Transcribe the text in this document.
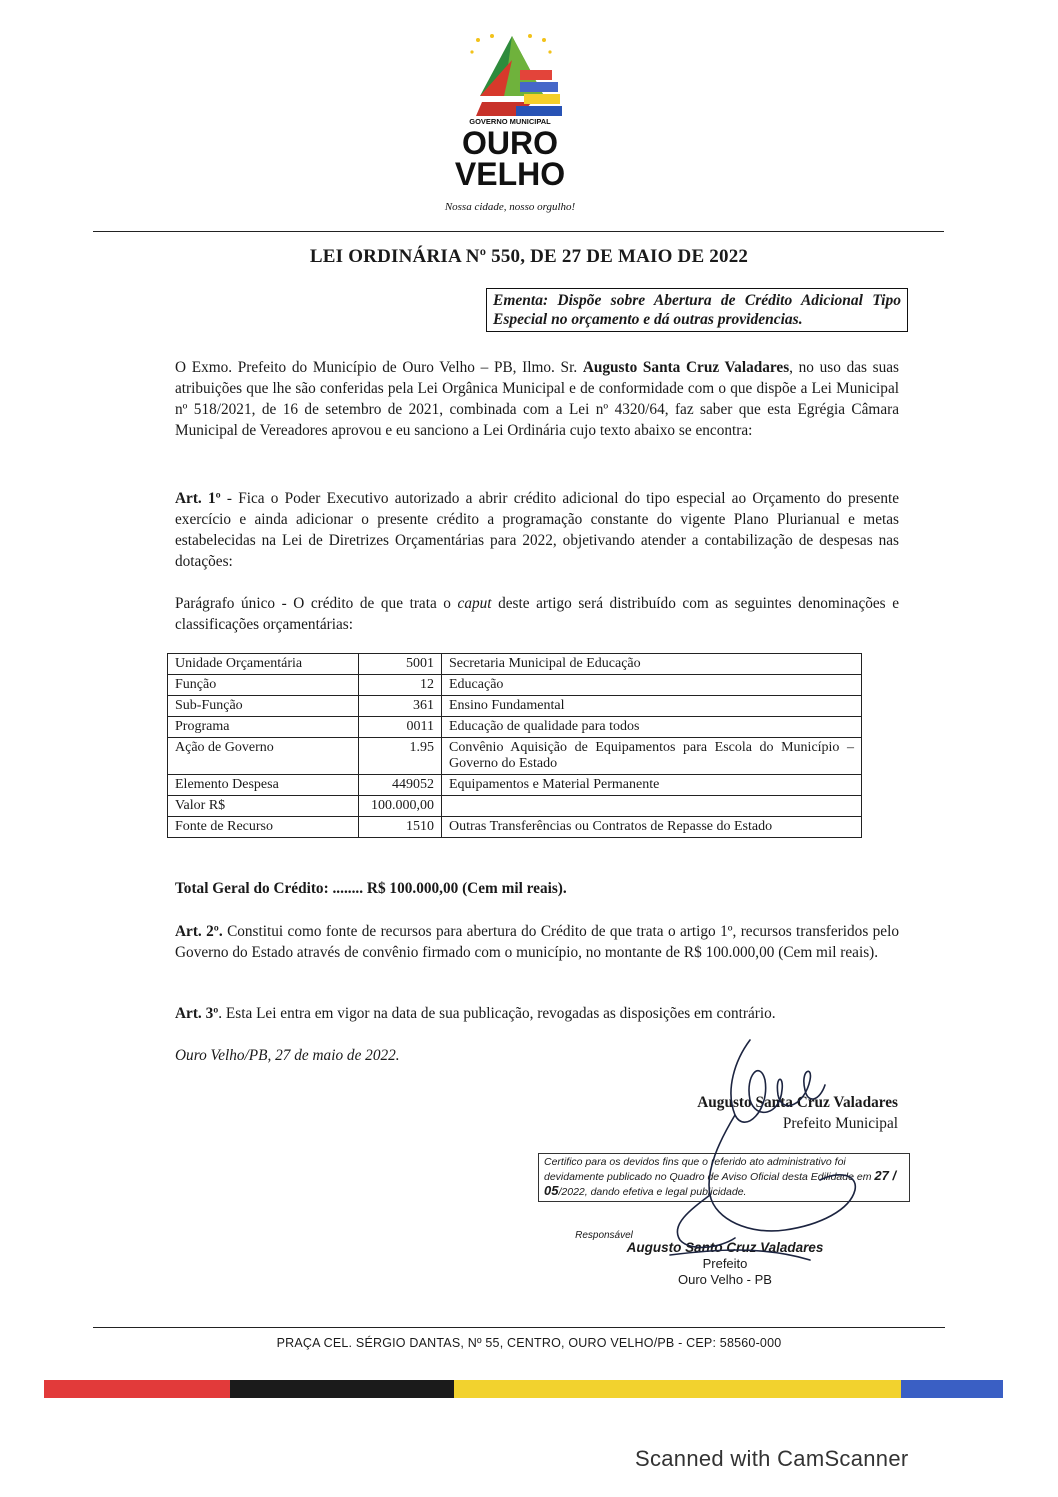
GOVERNO MUNICIPAL
OURO
VELHO
Nossa cidade, nosso orgulho!
LEI ORDINÁRIA Nº 550, DE 27 DE MAIO DE 2022
Ementa: Dispõe sobre Abertura de Crédito Adicional Tipo Especial no orçamento e dá outras providencias.
O Exmo. Prefeito do Município de Ouro Velho – PB, Ilmo. Sr. Augusto Santa Cruz Valadares, no uso das suas atribuições que lhe são conferidas pela Lei Orgânica Municipal e de conformidade com o que dispõe a Lei Municipal nº 518/2021, de 16 de setembro de 2021, combinada com a Lei nº 4320/64, faz saber que esta Egrégia Câmara Municipal de Vereadores aprovou e eu sanciono a Lei Ordinária cujo texto abaixo se encontra:
Art. 1º - Fica o Poder Executivo autorizado a abrir crédito adicional do tipo especial ao Orçamento do presente exercício e ainda adicionar o presente crédito a programação constante do vigente Plano Plurianual e metas estabelecidas na Lei de Diretrizes Orçamentárias para 2022, objetivando atender a contabilização de despesas nas dotações:
Parágrafo único - O crédito de que trata o caput deste artigo será distribuído com as seguintes denominações e classificações orçamentárias:
Unidade Orçamentária	5001	Secretaria Municipal de Educação
Função	12	Educação
Sub-Função	361	Ensino Fundamental
Programa	0011	Educação de qualidade para todos
Ação de Governo	1.95	Convênio Aquisição de Equipamentos para Escola do Município – Governo do Estado
Elemento Despesa	449052	Equipamentos e Material Permanente
Valor R$	100.000,00	
Fonte de Recurso	1510	Outras Transferências ou Contratos de Repasse do Estado
Total Geral do Crédito: ........ R$ 100.000,00 (Cem mil reais).
Art. 2º. Constitui como fonte de recursos para abertura do Crédito de que trata o artigo 1º, recursos transferidos pelo Governo do Estado através de convênio firmado com o município, no montante de R$ 100.000,00 (Cem mil reais).
Art. 3º. Esta Lei entra em vigor na data de sua publicação, revogadas as disposições em contrário.
Ouro Velho/PB, 27 de maio de 2022.
Augusto Santa Cruz Valadares
Prefeito Municipal
Certifico para os devidos fins que o referido ato administrativo foi devidamente publicado no Quadro de Aviso Oficial desta Edilidade em 27 / 05/2022, dando efetiva e legal publicidade.
Responsável
Augusto Santo Cruz Valadares
Prefeito
Ouro Velho - PB
PRAÇA CEL. SÉRGIO DANTAS, Nº 55, CENTRO, OURO VELHO/PB - CEP: 58560-000
Scanned with CamScanner
